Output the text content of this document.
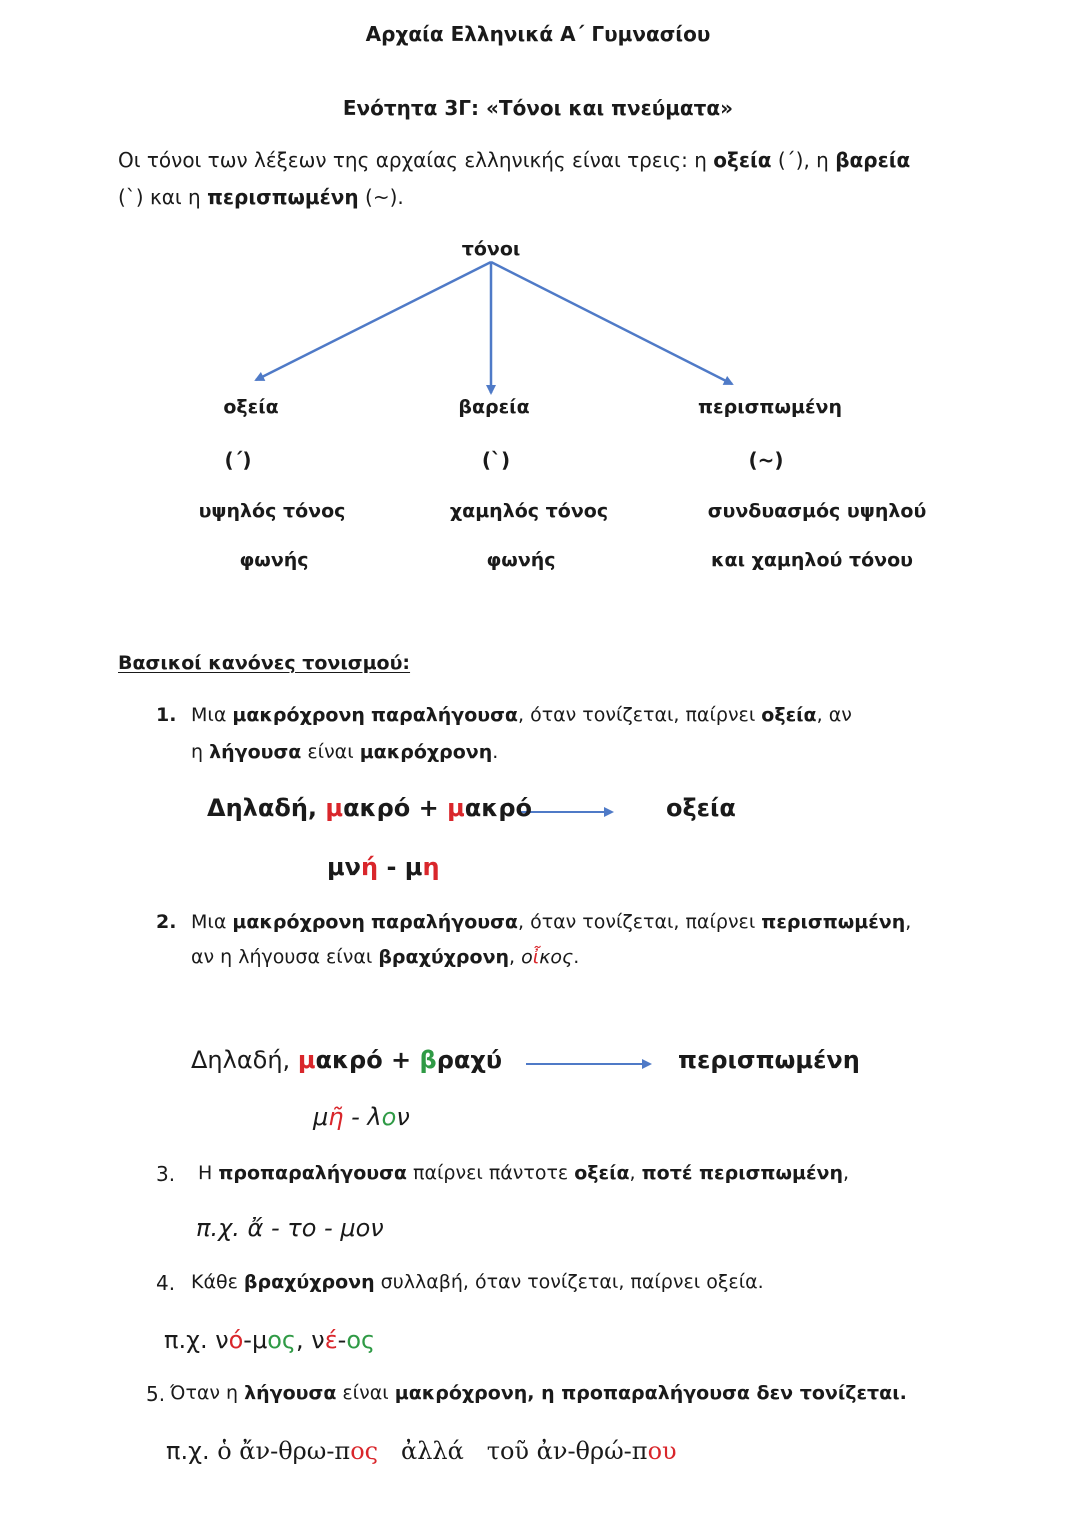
Αρχαία Ελληνικά Α΄ Γυμνασίου
Ενότητα 3Γ: «Τόνοι και πνεύματα»
Οι τόνοι των λέξεων της αρχαίας ελληνικής είναι τρεις: η οξεία (΄), η βαρεία
(`) και η περισπωμένη (~).
τόνοι
οξεία
(΄)
υψηλός τόνος
φωνής
βαρεία
(`)
χαμηλός τόνος
φωνής
περισπωμένη
(~)
συνδυασμός υψηλού
και χαμηλού τόνου
Βασικοί κανόνες τονισμού:
1. Μια μακρόχρονη παραλήγουσα, όταν τονίζεται, παίρνει οξεία, αν
η λήγουσα είναι μακρόχρονη.
Δηλαδή, μακρό + μακρό	οξεία
μνή - μη
2. Μια μακρόχρονη παραλήγουσα, όταν τονίζεται, παίρνει περισπωμένη,
αν η λήγουσα είναι βραχύχρονη, οἶκος.
Δηλαδή, μακρό + βραχύ	περισπωμένη
μῆ - λον
3. Η προπαραλήγουσα παίρνει πάντοτε οξεία, ποτέ περισπωμένη,
π.χ. ἄ - το - μον
4. Κάθε βραχύχρονη συλλαβή, όταν τονίζεται, παίρνει οξεία.
π.χ. νό-μος, νέ-ος
5. Όταν η λήγουσα είναι μακρόχρονη, η προπαραλήγουσα δεν τονίζεται.
π.χ. ὁ ἄν-θρω-πος   ἀλλά   τοῦ ἀν-θρώ-που
